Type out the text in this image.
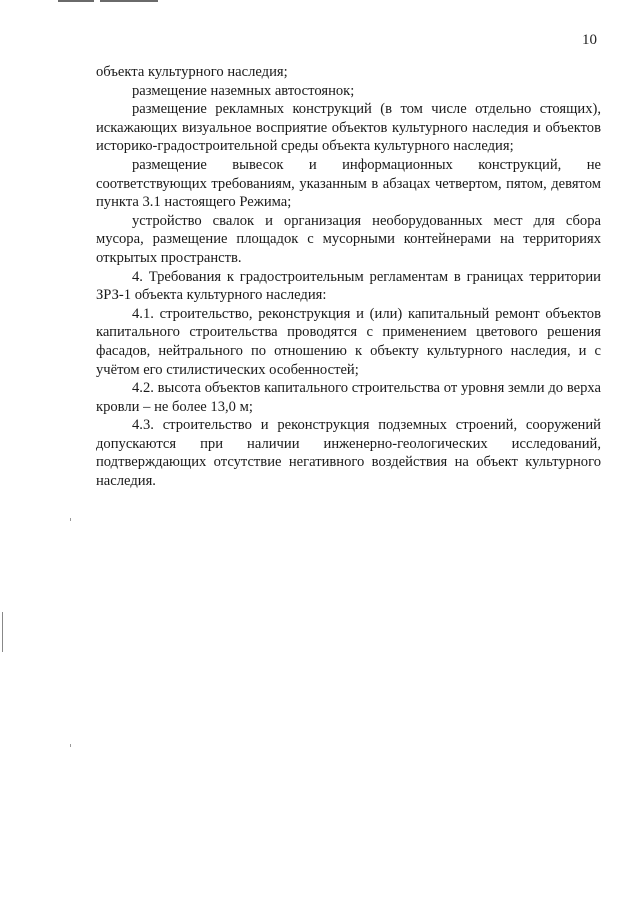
10

объекта культурного наследия;

размещение наземных автостоянок;

размещение рекламных конструкций (в том числе отдельно стоящих), искажающих визуальное восприятие объектов культурного наследия и объектов историко-градостроительной среды объекта культурного наследия;

размещение вывесок и информационных конструкций, не соответствующих требованиям, указанным в абзацах четвертом, пятом, девятом пункта 3.1 настоящего Режима;

устройство свалок и организация необорудованных мест для сбора мусора, размещение площадок с мусорными контейнерами на территориях открытых пространств.

4. Требования к градостроительным регламентам в границах территории ЗРЗ-1 объекта культурного наследия:

4.1. строительство, реконструкция и (или) капитальный ремонт объектов капитального строительства проводятся с применением цветового решения фасадов, нейтрального по отношению к объекту культурного наследия, и с учётом его стилистических особенностей;

4.2. высота объектов капитального строительства от уровня земли до верха кровли – не более 13,0 м;

4.3. строительство и реконструкция подземных строений, сооружений допускаются при наличии инженерно-геологических исследований,

подтверждающих отсутствие негативного воздействия на объект культурного наследия.
